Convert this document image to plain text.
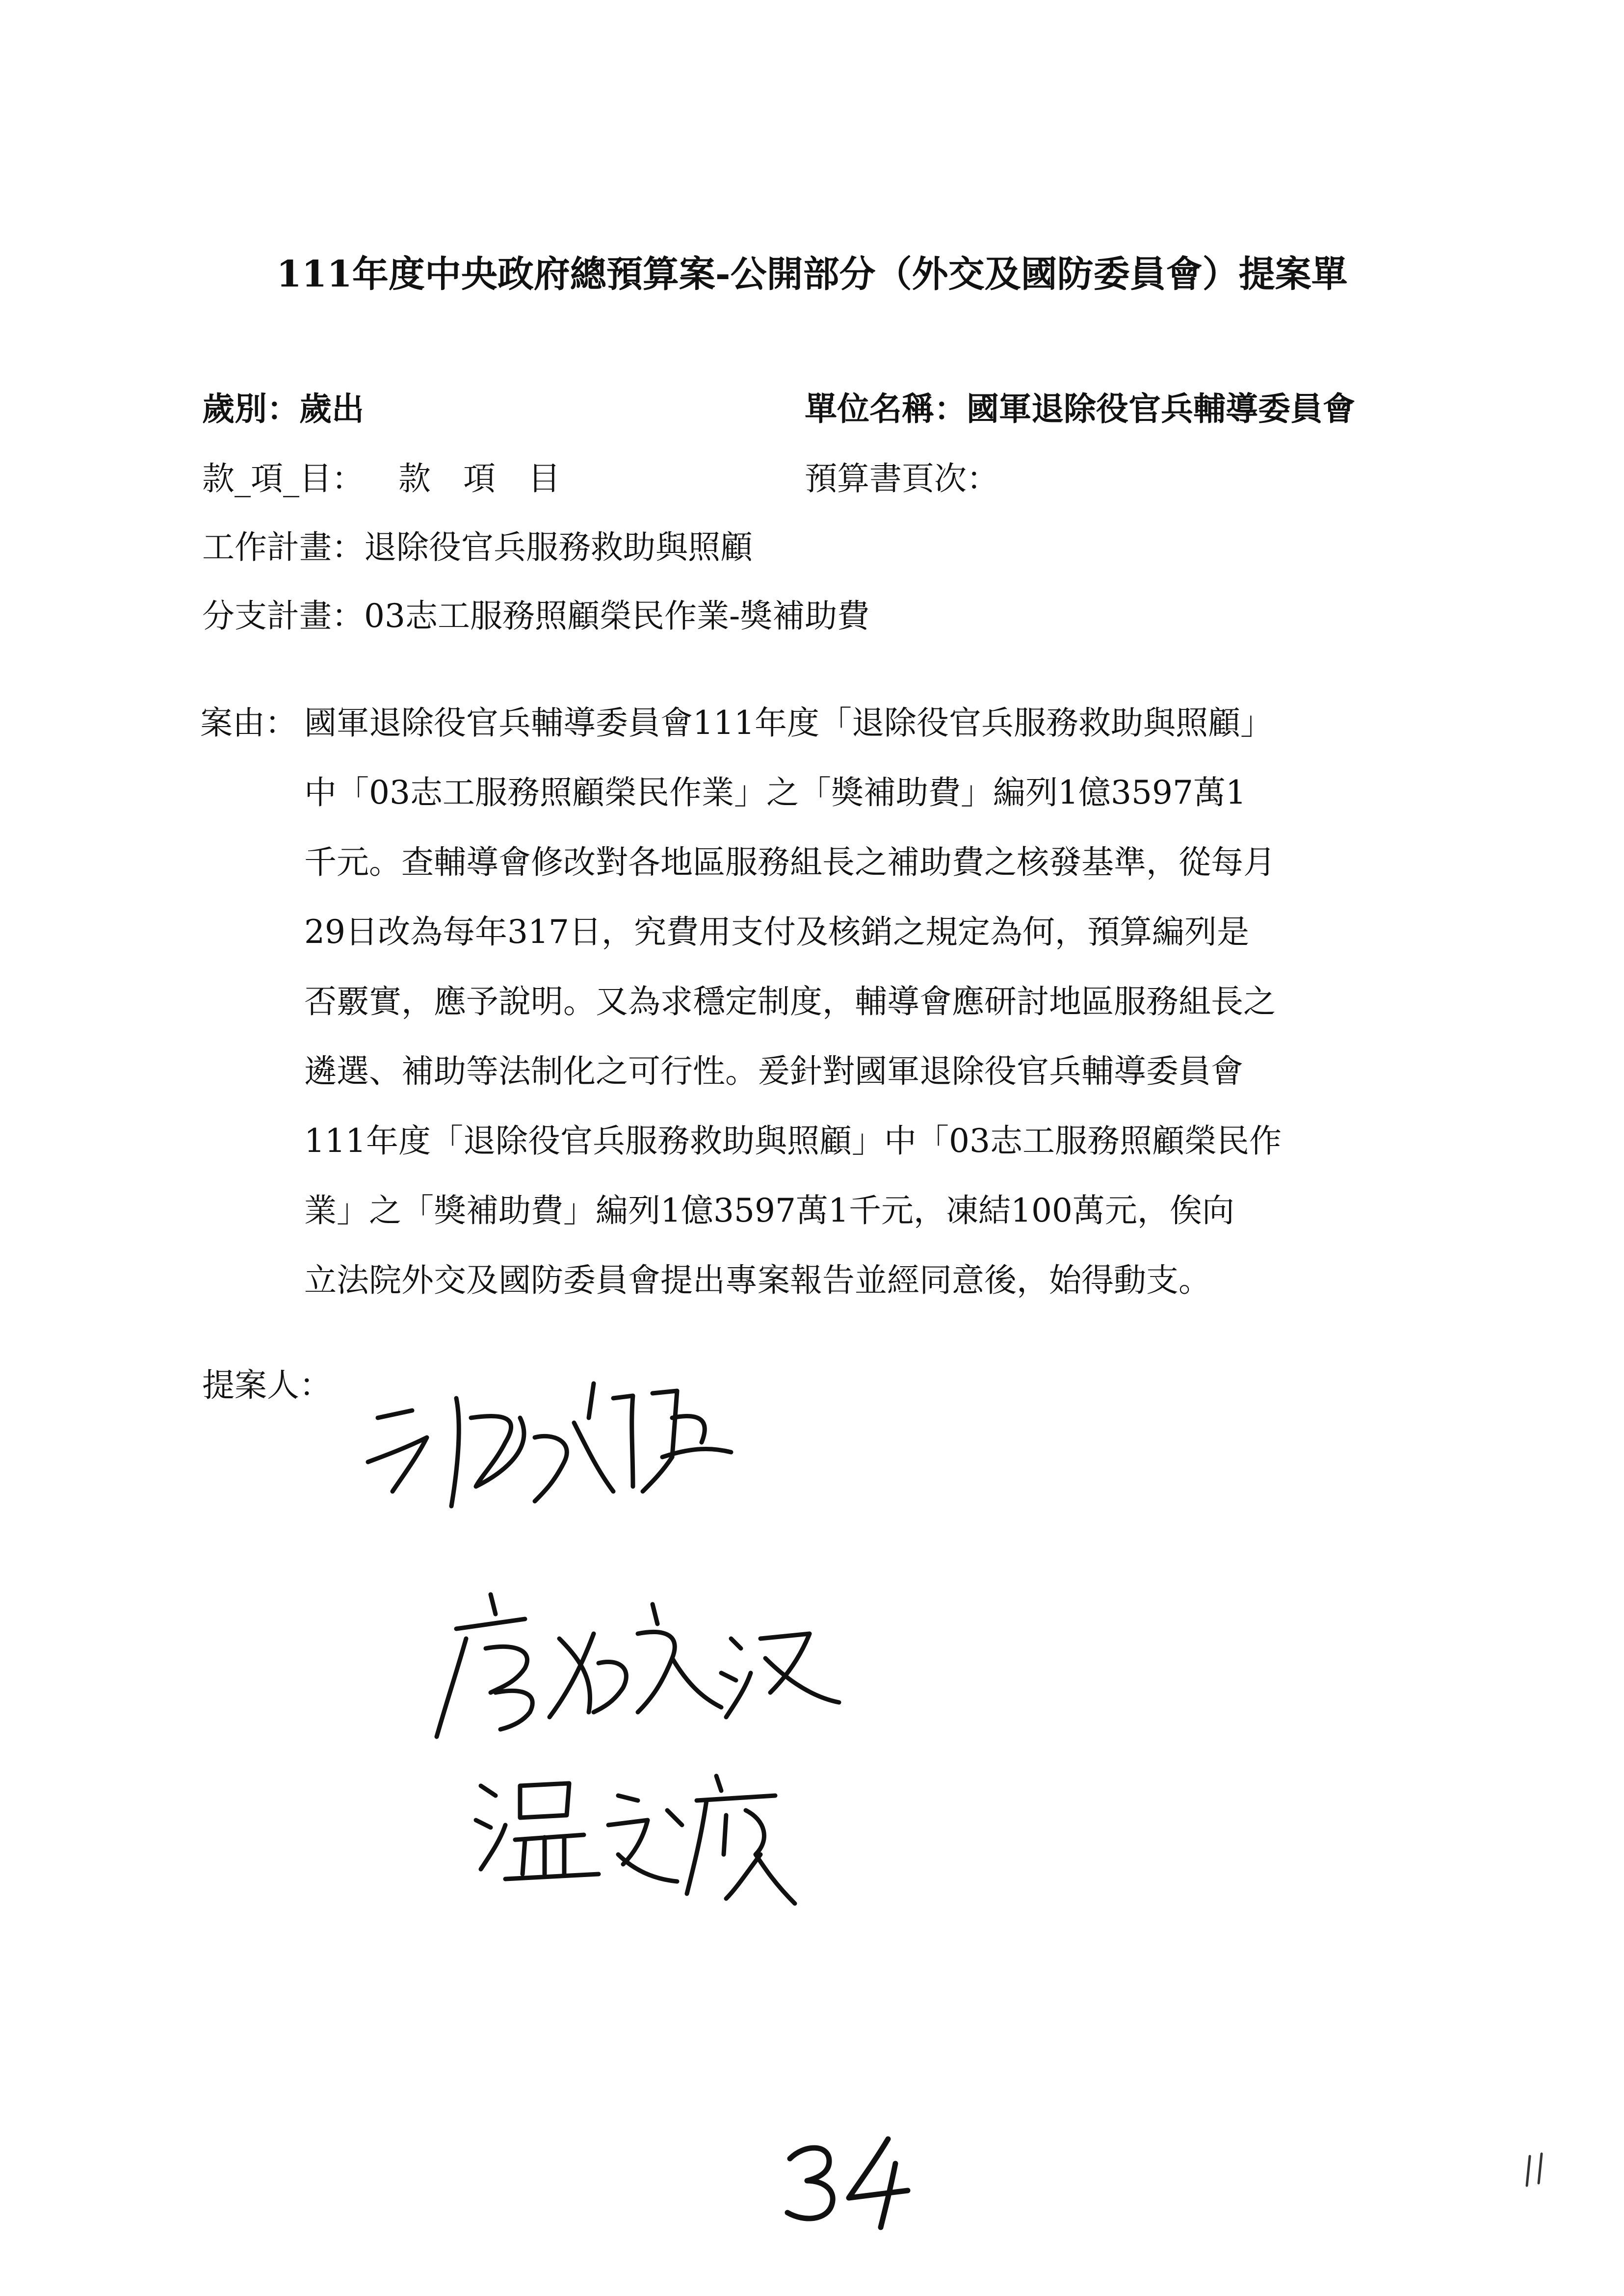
111年度中央政府總預算案-公開部分（外交及國防委員會）提案單
歲別：歲出	單位名稱：國軍退除役官兵輔導委員會
款_項_目： 款　項　目	預算書頁次：
工作計畫：退除役官兵服務救助與照顧
分支計畫：03志工服務照顧榮民作業-獎補助費
案由： 國軍退除役官兵輔導委員會111年度「退除役官兵服務救助與照顧」
中「03志工服務照顧榮民作業」之「獎補助費」編列1億3597萬1
千元。查輔導會修改對各地區服務組長之補助費之核發基準，從每月
29日改為每年317日，究費用支付及核銷之規定為何，預算編列是
否覈實，應予說明。又為求穩定制度，輔導會應研討地區服務組長之
遴選、補助等法制化之可行性。爰針對國軍退除役官兵輔導委員會
111年度「退除役官兵服務救助與照顧」中「03志工服務照顧榮民作
業」之「獎補助費」編列1億3597萬1千元，凍結100萬元，俟向
立法院外交及國防委員會提出專案報告並經同意後，始得動支。
提案人：
